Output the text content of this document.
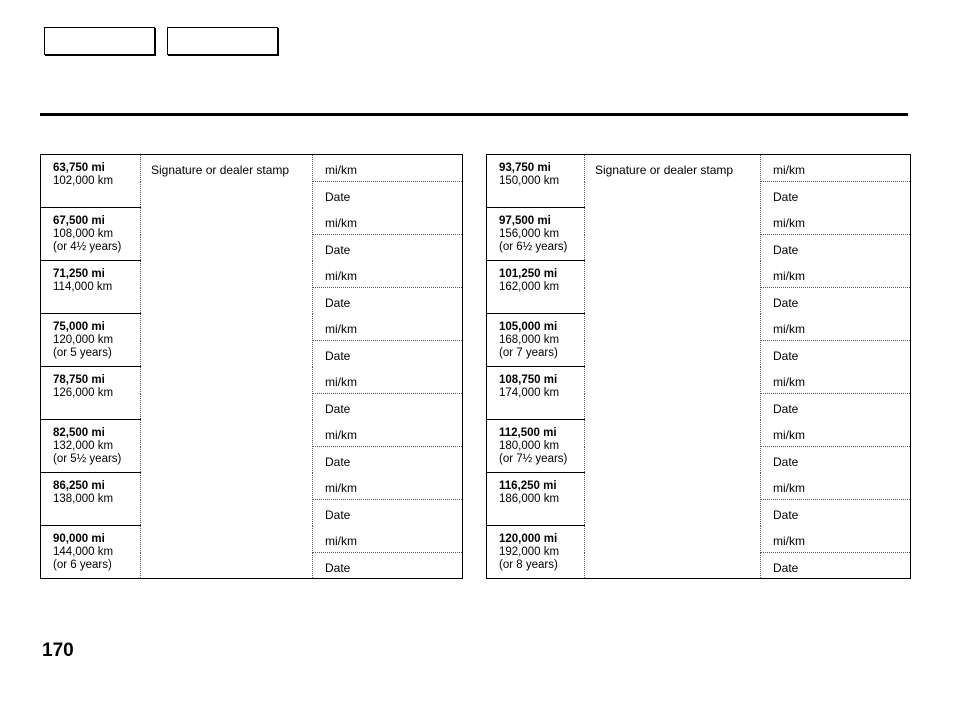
63,750 mi
102,000 km	Signature or dealer stamp	mi/km
		Date

67,500 mi
108,000 km
(or 4½ years)		mi/km
		Date

71,250 mi
114,000 km		mi/km
		Date

75,000 mi
120,000 km
(or 5 years)		mi/km
		Date

78,750 mi
126,000 km		mi/km
		Date

82,500 mi
132,000 km
(or 5½ years)		mi/km
		Date

86,250 mi
138,000 km		mi/km
		Date

90,000 mi
144,000 km
(or 6 years)		mi/km
		Date
93,750 mi
150,000 km	Signature or dealer stamp	mi/km
		Date

97,500 mi
156,000 km
(or 6½ years)		mi/km
		Date

101,250 mi
162,000 km		mi/km
		Date

105,000 mi
168,000 km
(or 7 years)		mi/km
		Date

108,750 mi
174,000 km		mi/km
		Date

112,500 mi
180,000 km
(or 7½ years)		mi/km
		Date

116,250 mi
186,000 km		mi/km
		Date

120,000 mi
192,000 km
(or 8 years)		mi/km
		Date
170
